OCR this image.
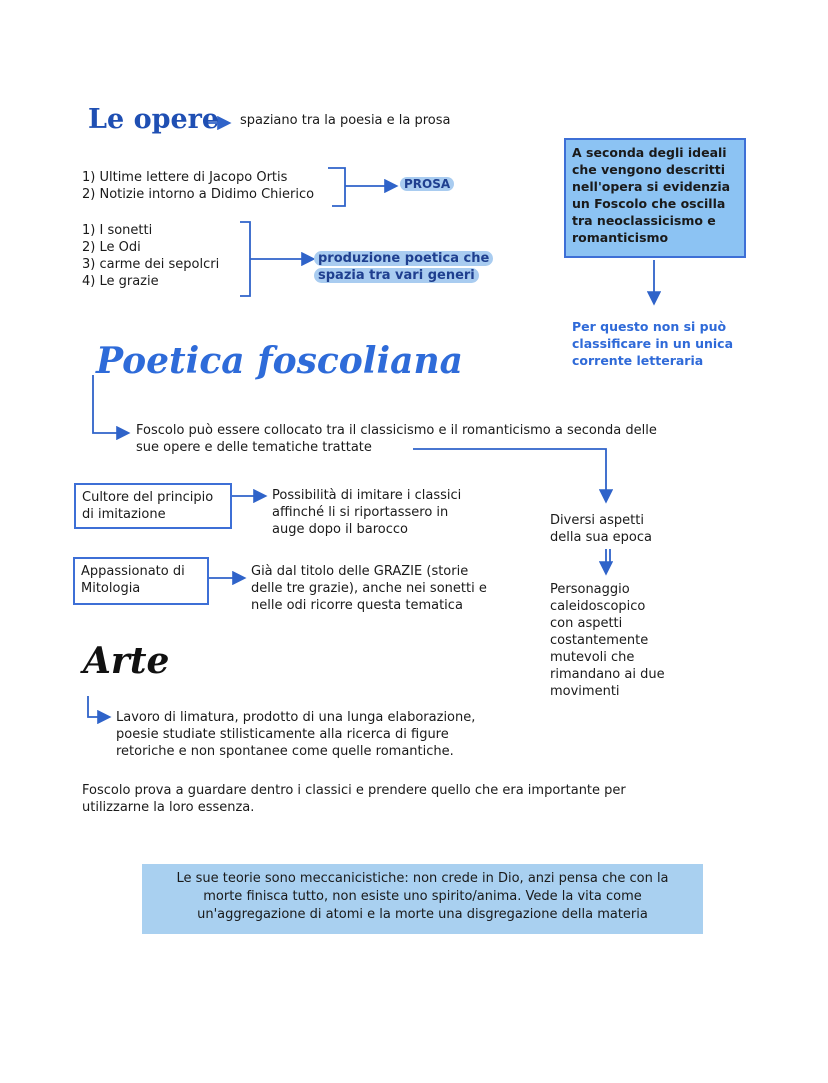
Le opere spaziano tra la poesia e la prosa
1) Ultime lettere di Jacopo Ortis
2) Notizie intorno a Didimo Chierico
PROSA
1) I sonetti
2) Le Odi
3) carme dei sepolcri
4) Le grazie
produzione poetica che
spazia tra vari generi
A seconda degli ideali
che vengono descritti
nell'opera si evidenzia
un Foscolo che oscilla
tra neoclassicismo e
romanticismo
Per questo non si può
classificare in un unica
corrente letteraria
Poetica foscoliana
Foscolo può essere collocato tra il classicismo e il romanticismo a seconda delle
sue opere e delle tematiche trattate
Cultore del principio
di imitazione
Possibilità di imitare i classici
affinché li si riportassero in
auge dopo il barocco
Appassionato di
Mitologia
Già dal titolo delle GRAZIE (storie
delle tre grazie), anche nei sonetti e
nelle odi ricorre questa tematica
Diversi aspetti
della sua epoca
Personaggio
caleidoscopico
con aspetti
costantemente
mutevoli che
rimandano ai due
movimenti
Arte
Lavoro di limatura, prodotto di una lunga elaborazione,
poesie studiate stilisticamente alla ricerca di figure
retoriche e non spontanee come quelle romantiche.
Foscolo prova a guardare dentro i classici e prendere quello che era importante per
utilizzarne la loro essenza.
Le sue teorie sono meccanicistiche: non crede in Dio, anzi pensa che con la
morte finisca tutto, non esiste uno spirito/anima. Vede la vita come
un'aggregazione di atomi e la morte una disgregazione della materia
